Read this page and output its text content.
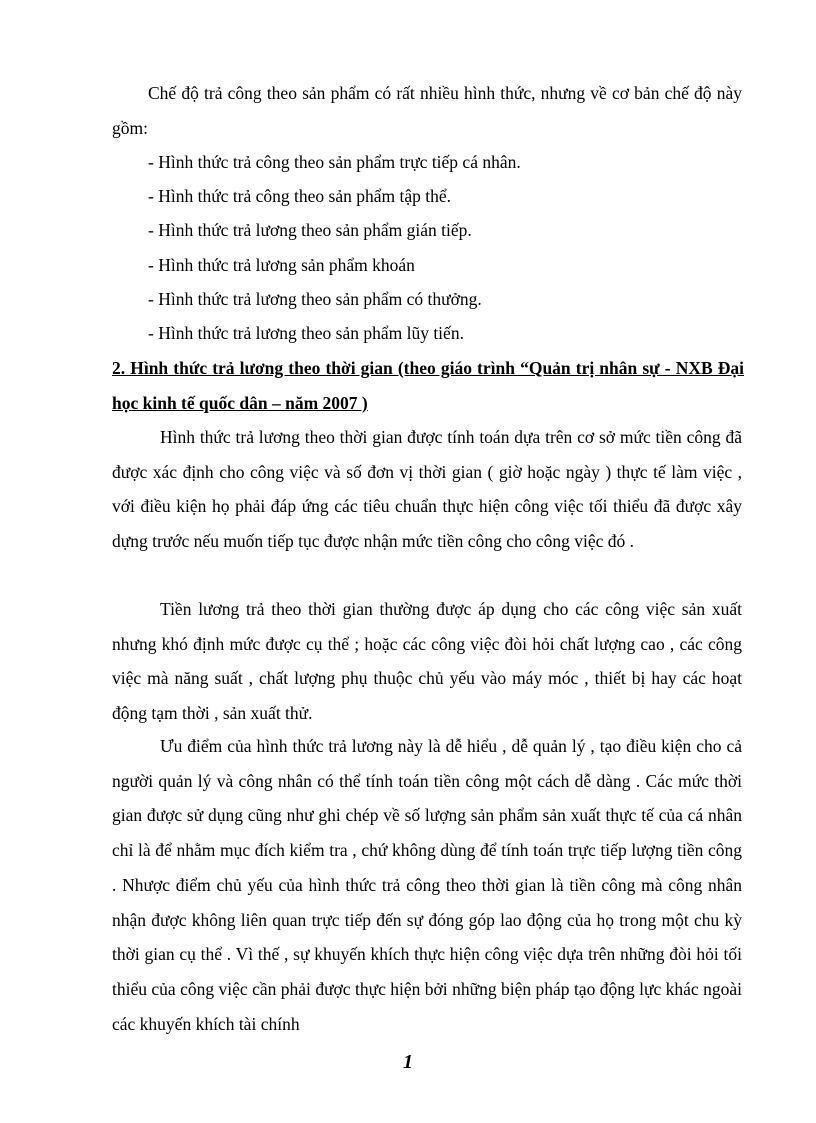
Chế độ trả công theo sản phẩm có rất nhiều hình thức, nhưng về cơ bản chế độ này gồm:

- Hình thức trả công theo sản phẩm trực tiếp cá nhân.

- Hình thức trả công theo sản phẩm tập thể.

- Hình thức trả lương theo sản phẩm gián tiếp.

- Hình thức trả lương sản phẩm khoán

- Hình thức trả lương theo sản phẩm có thưởng.

- Hình thức trả lương theo sản phẩm lũy tiến.

2. Hình thức trả lương theo thời gian (theo giáo trình “Quản trị nhân sự - NXB Đại học kinh tế quốc dân – năm 2007 )

Hình thức trả lương theo thời gian được tính toán dựa trên cơ sở mức tiền công đã được xác định cho công việc và số đơn vị thời gian ( giờ hoặc ngày ) thực tế làm việc , với điều kiện họ phải đáp ứng các tiêu chuẩn thực hiện công việc tối thiểu đã được xây dựng trước nếu muốn tiếp tục được nhận mức tiền công cho công việc đó .

Tiền lương trả theo thời gian thường được áp dụng cho các công việc sản xuất nhưng khó định mức được cụ thể ; hoặc các công việc đòi hỏi chất lượng cao , các công việc mà năng suất , chất lượng phụ thuộc chủ yếu vào máy móc , thiết bị hay các hoạt động tạm thời , sản xuất thử.

Ưu điểm của hình thức trả lương này là dễ hiểu , dễ quản lý , tạo điều kiện cho cả người quản lý và công nhân có thể tính toán tiền công một cách dễ dàng . Các mức thời gian được sử dụng cũng như ghi chép về số lượng sản phẩm sản xuất thực tế của cá nhân chỉ là để nhằm mục đích kiểm tra , chứ không dùng để tính toán trực tiếp lượng tiền công . Nhược điểm chủ yếu của hình thức trả công theo thời gian là tiền công mà công nhân nhận được không liên quan trực tiếp đến sự đóng góp lao động của họ trong một chu kỳ thời gian cụ thể . Vì thế , sự khuyến khích thực hiện công việc dựa trên những đòi hỏi tối thiểu của công việc cần phải được thực hiện bởi những biện pháp tạo động lực khác ngoài các khuyến khích tài chính

1
